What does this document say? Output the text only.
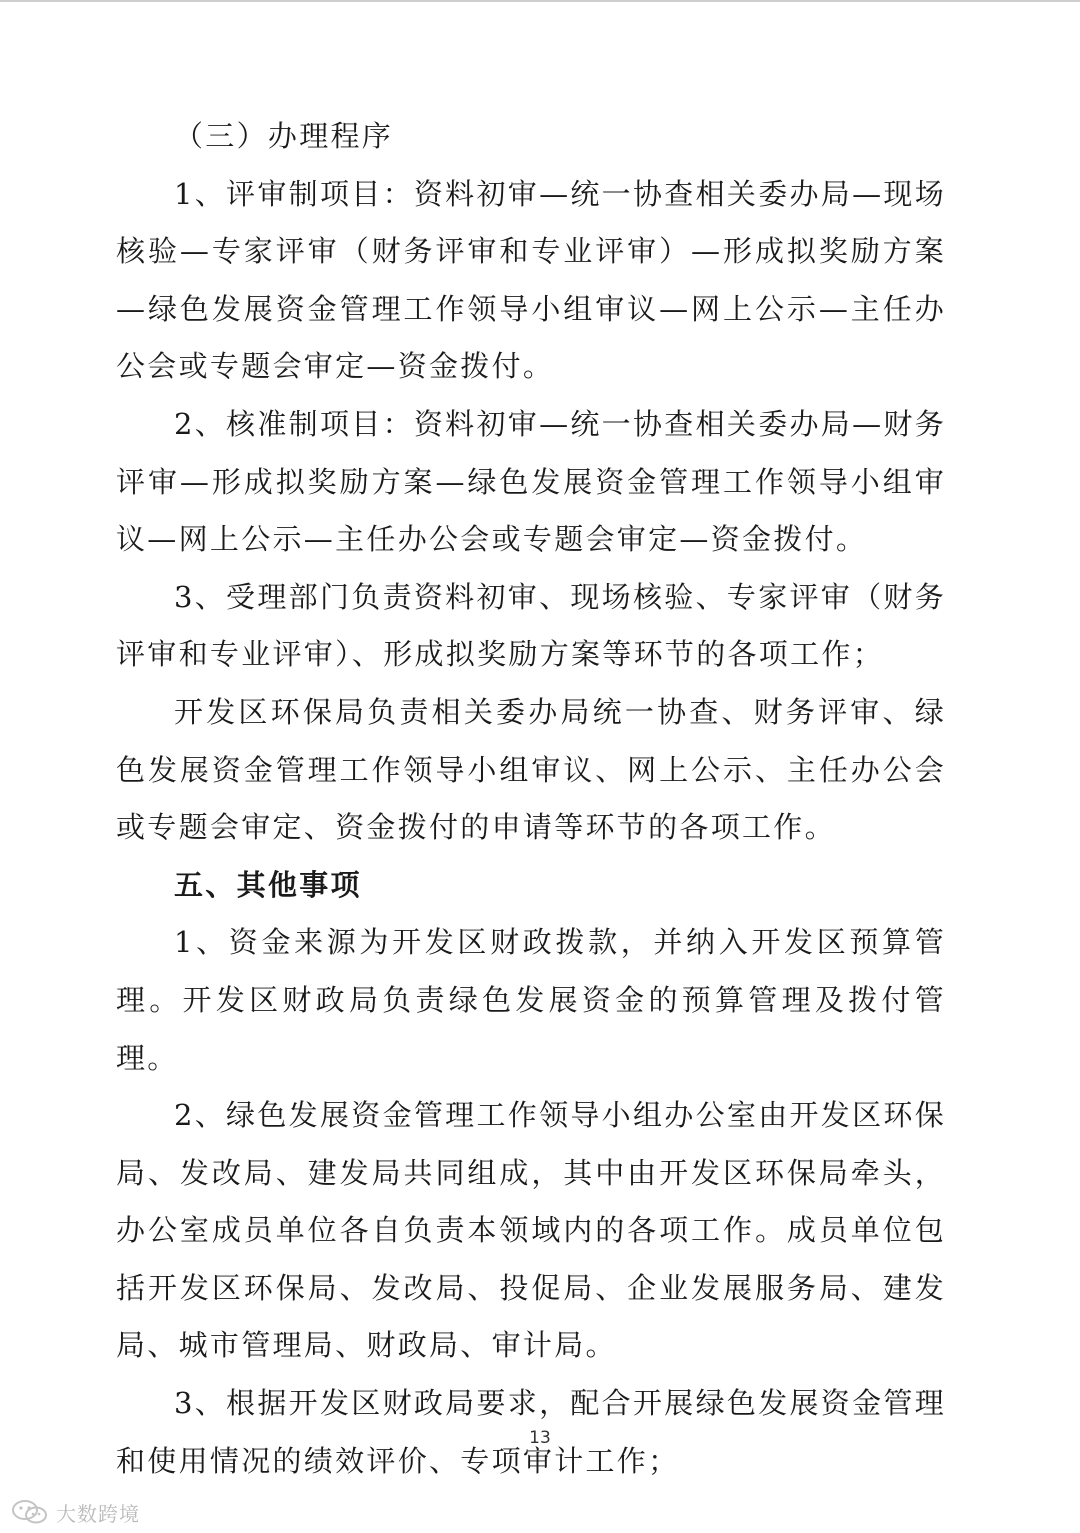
（三）办理程序

1、评审制项目：资料初审—统一协查相关委办局—现场核验—专家评审（财务评审和专业评审）—形成拟奖励方案—绿色发展资金管理工作领导小组审议—网上公示—主任办公会或专题会审定—资金拨付。

2、核准制项目：资料初审—统一协查相关委办局—财务评审—形成拟奖励方案—绿色发展资金管理工作领导小组审议—网上公示—主任办公会或专题会审定—资金拨付。

3、受理部门负责资料初审、现场核验、专家评审（财务评审和专业评审）、形成拟奖励方案等环节的各项工作；

开发区环保局负责相关委办局统一协查、财务评审、绿色发展资金管理工作领导小组审议、网上公示、主任办公会或专题会审定、资金拨付的申请等环节的各项工作。

五、其他事项

1、资金来源为开发区财政拨款，并纳入开发区预算管理。开发区财政局负责绿色发展资金的预算管理及拨付管理。

2、绿色发展资金管理工作领导小组办公室由开发区环保局、发改局、建发局共同组成，其中由开发区环保局牵头，办公室成员单位各自负责本领域内的各项工作。成员单位包括开发区环保局、发改局、投促局、企业发展服务局、建发局、城市管理局、财政局、审计局。

3、根据开发区财政局要求，配合开展绿色发展资金管理和使用情况的绩效评价、专项审计工作；

13
大数跨境
